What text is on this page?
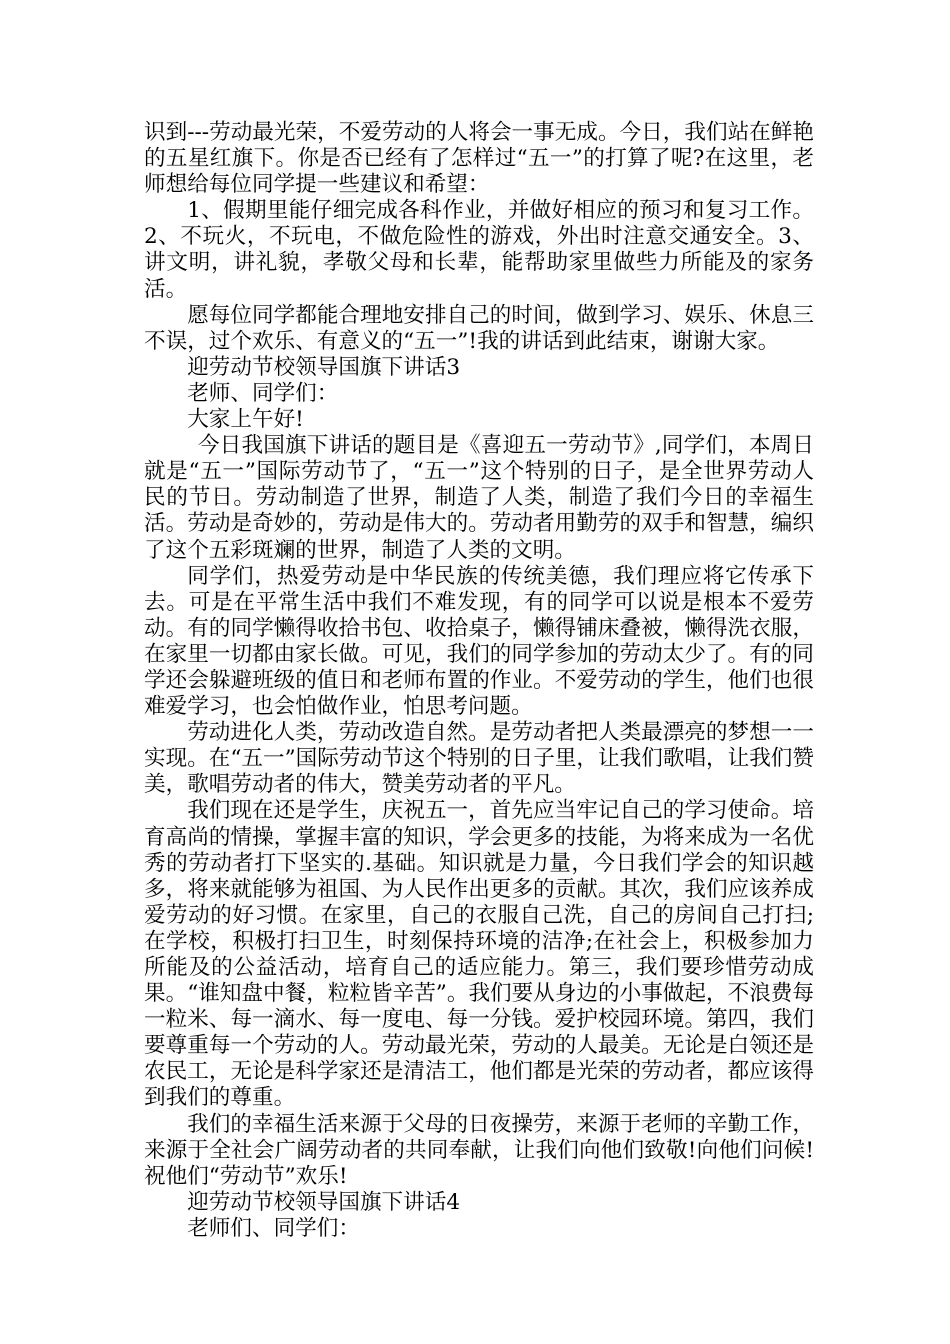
识到---劳动最光荣，不爱劳动的人将会一事无成。今日，我们站在鲜艳的五星红旗下。你是否已经有了怎样过“五一”的打算了呢?在这里，老师想给每位同学提一些建议和希望：

1、假期里能仔细完成各科作业，并做好相应的预习和复习工作。2、不玩火，不玩电，不做危险性的游戏，外出时注意交通安全。3、讲文明，讲礼貌，孝敬父母和长辈，能帮助家里做些力所能及的家务活。

愿每位同学都能合理地安排自己的时间，做到学习、娱乐、休息三不误，过个欢乐、有意义的“五一”!我的讲话到此结束，谢谢大家。

迎劳动节校领导国旗下讲话3

老师、同学们：

大家上午好!

今日我国旗下讲话的题目是《喜迎五一劳动节》,同学们，本周日就是“五一”国际劳动节了，“五一”这个特别的日子，是全世界劳动人民的节日。劳动制造了世界，制造了人类，制造了我们今日的幸福生活。劳动是奇妙的，劳动是伟大的。劳动者用勤劳的双手和智慧，编织了这个五彩斑斓的世界，制造了人类的文明。

同学们，热爱劳动是中华民族的传统美德，我们理应将它传承下去。可是在平常生活中我们不难发现，有的同学可以说是根本不爱劳动。有的同学懒得收拾书包、收拾桌子，懒得铺床叠被，懒得洗衣服，在家里一切都由家长做。可见，我们的同学参加的劳动太少了。有的同学还会躲避班级的值日和老师布置的作业。不爱劳动的学生，他们也很难爱学习，也会怕做作业，怕思考问题。

劳动进化人类，劳动改造自然。是劳动者把人类最漂亮的梦想一一实现。在“五一”国际劳动节这个特别的日子里，让我们歌唱，让我们赞美，歌唱劳动者的伟大，赞美劳动者的平凡。

我们现在还是学生，庆祝五一，首先应当牢记自己的学习使命。培育高尚的情操，掌握丰富的知识，学会更多的技能，为将来成为一名优秀的劳动者打下坚实的.基础。知识就是力量，今日我们学会的知识越多，将来就能够为祖国、为人民作出更多的贡献。其次，我们应该养成爱劳动的好习惯。在家里，自己的衣服自己洗，自己的房间自己打扫;在学校，积极打扫卫生，时刻保持环境的洁净;在社会上，积极参加力所能及的公益活动，培育自己的适应能力。第三，我们要珍惜劳动成果。“谁知盘中餐，粒粒皆辛苦”。我们要从身边的小事做起，不浪费每一粒米、每一滴水、每一度电、每一分钱。爱护校园环境。第四，我们要尊重每一个劳动的人。劳动最光荣，劳动的人最美。无论是白领还是农民工，无论是科学家还是清洁工，他们都是光荣的劳动者，都应该得到我们的尊重。

我们的幸福生活来源于父母的日夜操劳，来源于老师的辛勤工作，来源于全社会广阔劳动者的共同奉献，让我们向他们致敬!向他们问候!祝他们“劳动节”欢乐!

迎劳动节校领导国旗下讲话4

老师们、同学们：
